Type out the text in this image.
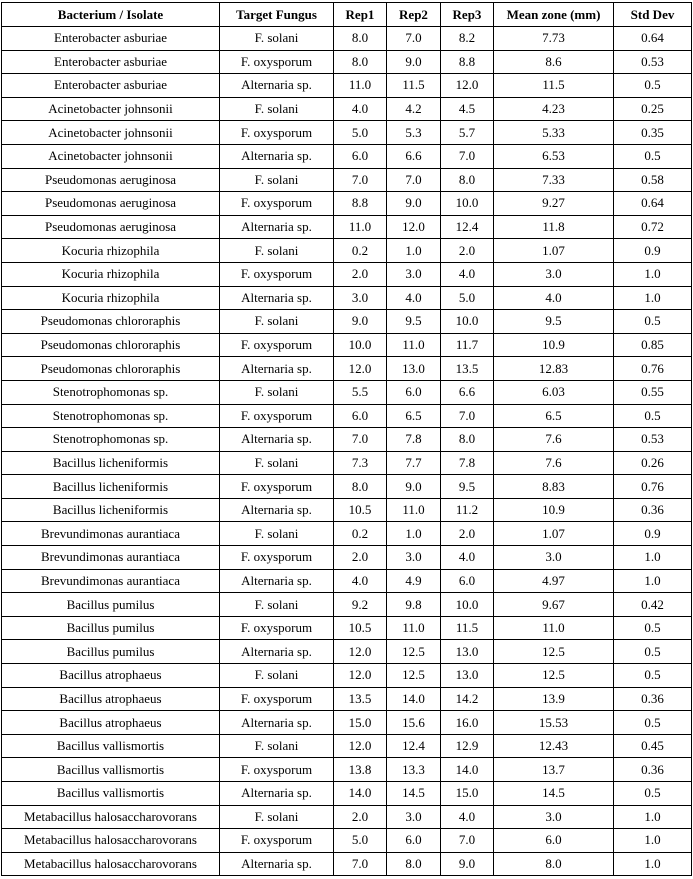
Bacterium / Isolate	Target Fungus	Rep1	Rep2	Rep3	Mean zone (mm)	Std Dev
Enterobacter asburiae	F. solani	8.0	7.0	8.2	7.73	0.64
Enterobacter asburiae	F. oxysporum	8.0	9.0	8.8	8.6	0.53
Enterobacter asburiae	Alternaria sp.	11.0	11.5	12.0	11.5	0.5
Acinetobacter johnsonii	F. solani	4.0	4.2	4.5	4.23	0.25
Acinetobacter johnsonii	F. oxysporum	5.0	5.3	5.7	5.33	0.35
Acinetobacter johnsonii	Alternaria sp.	6.0	6.6	7.0	6.53	0.5
Pseudomonas aeruginosa	F. solani	7.0	7.0	8.0	7.33	0.58
Pseudomonas aeruginosa	F. oxysporum	8.8	9.0	10.0	9.27	0.64
Pseudomonas aeruginosa	Alternaria sp.	11.0	12.0	12.4	11.8	0.72
Kocuria rhizophila	F. solani	0.2	1.0	2.0	1.07	0.9
Kocuria rhizophila	F. oxysporum	2.0	3.0	4.0	3.0	1.0
Kocuria rhizophila	Alternaria sp.	3.0	4.0	5.0	4.0	1.0
Pseudomonas chlororaphis	F. solani	9.0	9.5	10.0	9.5	0.5
Pseudomonas chlororaphis	F. oxysporum	10.0	11.0	11.7	10.9	0.85
Pseudomonas chlororaphis	Alternaria sp.	12.0	13.0	13.5	12.83	0.76
Stenotrophomonas sp.	F. solani	5.5	6.0	6.6	6.03	0.55
Stenotrophomonas sp.	F. oxysporum	6.0	6.5	7.0	6.5	0.5
Stenotrophomonas sp.	Alternaria sp.	7.0	7.8	8.0	7.6	0.53
Bacillus licheniformis	F. solani	7.3	7.7	7.8	7.6	0.26
Bacillus licheniformis	F. oxysporum	8.0	9.0	9.5	8.83	0.76
Bacillus licheniformis	Alternaria sp.	10.5	11.0	11.2	10.9	0.36
Brevundimonas aurantiaca	F. solani	0.2	1.0	2.0	1.07	0.9
Brevundimonas aurantiaca	F. oxysporum	2.0	3.0	4.0	3.0	1.0
Brevundimonas aurantiaca	Alternaria sp.	4.0	4.9	6.0	4.97	1.0
Bacillus pumilus	F. solani	9.2	9.8	10.0	9.67	0.42
Bacillus pumilus	F. oxysporum	10.5	11.0	11.5	11.0	0.5
Bacillus pumilus	Alternaria sp.	12.0	12.5	13.0	12.5	0.5
Bacillus atrophaeus	F. solani	12.0	12.5	13.0	12.5	0.5
Bacillus atrophaeus	F. oxysporum	13.5	14.0	14.2	13.9	0.36
Bacillus atrophaeus	Alternaria sp.	15.0	15.6	16.0	15.53	0.5
Bacillus vallismortis	F. solani	12.0	12.4	12.9	12.43	0.45
Bacillus vallismortis	F. oxysporum	13.8	13.3	14.0	13.7	0.36
Bacillus vallismortis	Alternaria sp.	14.0	14.5	15.0	14.5	0.5
Metabacillus halosaccharovorans	F. solani	2.0	3.0	4.0	3.0	1.0
Metabacillus halosaccharovorans	F. oxysporum	5.0	6.0	7.0	6.0	1.0
Metabacillus halosaccharovorans	Alternaria sp.	7.0	8.0	9.0	8.0	1.0
